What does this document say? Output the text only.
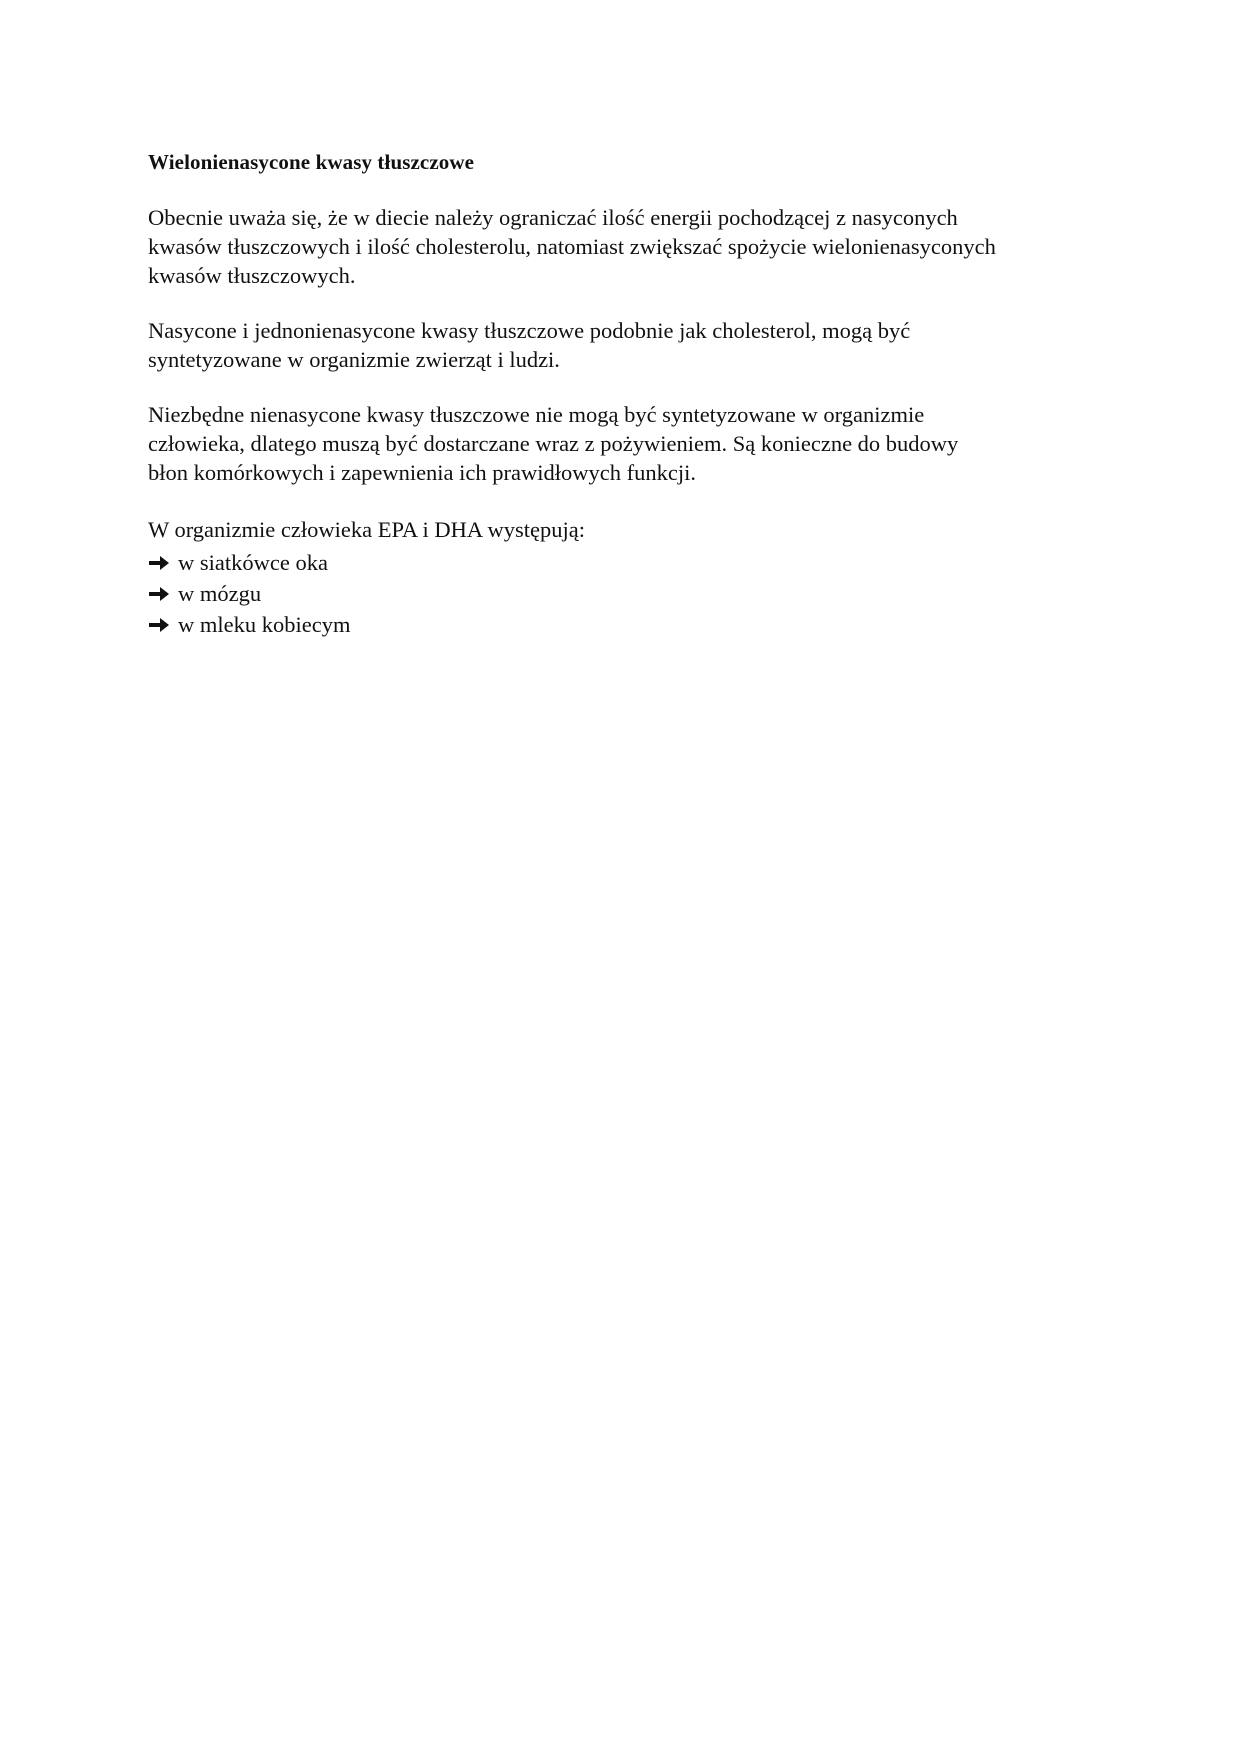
Wielonienasycone kwasy tłuszczowe

Obecnie uważa się, że w diecie należy ograniczać ilość energii pochodzącej z nasyconych
kwasów tłuszczowych i ilość cholesterolu, natomiast zwiększać spożycie wielonienasyconych
kwasów tłuszczowych.

Nasycone i jednonienasycone kwasy tłuszczowe podobnie jak cholesterol, mogą być
syntetyzowane w organizmie zwierząt i ludzi.

Niezbędne nienasycone kwasy tłuszczowe nie mogą być syntetyzowane w organizmie
człowieka, dlatego muszą być dostarczane wraz z pożywieniem. Są konieczne do budowy
błon komórkowych i zapewnienia ich prawidłowych funkcji.

W organizmie człowieka EPA i DHA występują:

w siatkówce oka
w mózgu
w mleku kobiecym
